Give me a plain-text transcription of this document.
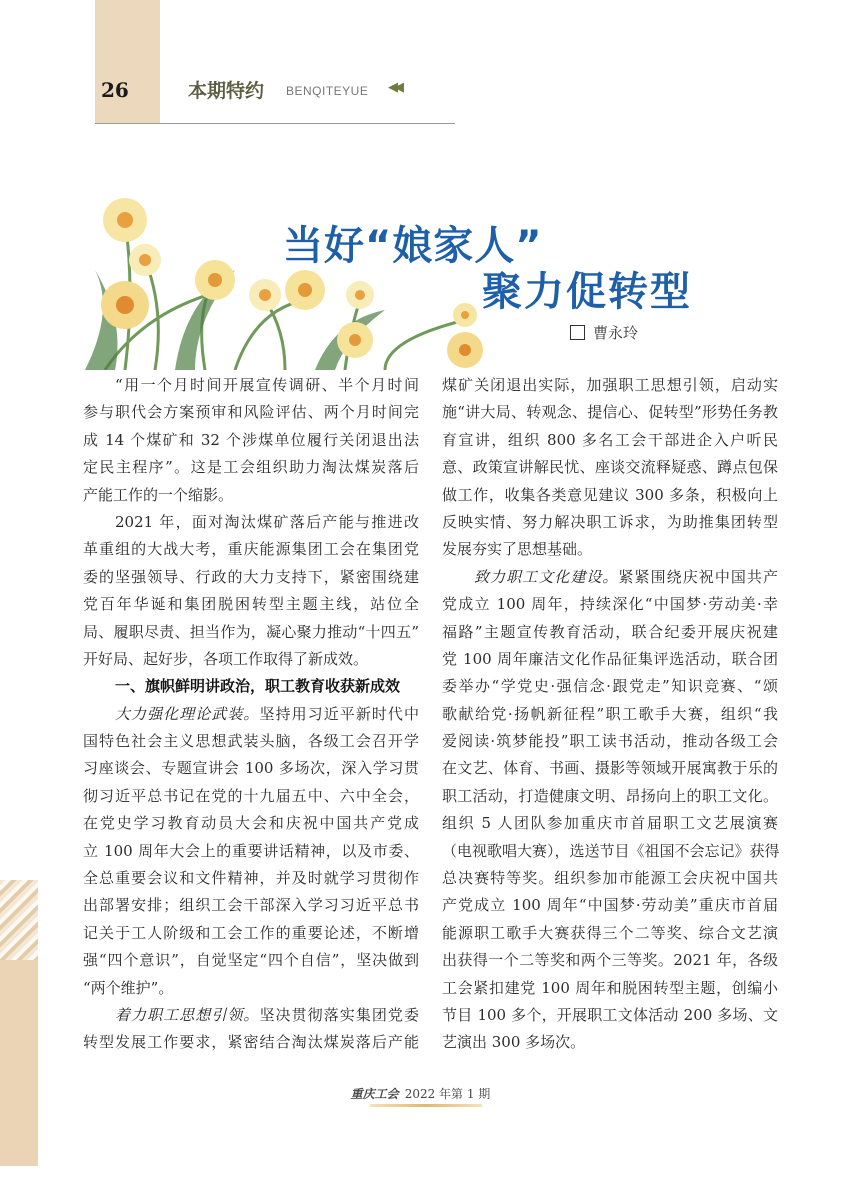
26	本期特约 BENQITEYUE ◀◀
当好“娘家人”
聚力促转型
曹永玲
“用一个月时间开展宣传调研、半个月时间
参与职代会方案预审和风险评估、两个月时间完
成 14 个煤矿和 32 个涉煤单位履行关闭退出法
定民主程序”。这是工会组织助力淘汰煤炭落后
产能工作的一个缩影。
2021 年，面对淘汰煤矿落后产能与推进改
革重组的大战大考，重庆能源集团工会在集团党
委的坚强领导、行政的大力支持下，紧密围绕建
党百年华诞和集团脱困转型主题主线，站位全
局、履职尽责、担当作为，凝心聚力推动“十四五”
开好局、起好步，各项工作取得了新成效。
一、旗帜鲜明讲政治，职工教育收获新成效
大力强化理论武装。坚持用习近平新时代中
国特色社会主义思想武装头脑，各级工会召开学
习座谈会、专题宣讲会 100 多场次，深入学习贯
彻习近平总书记在党的十九届五中、六中全会，
在党史学习教育动员大会和庆祝中国共产党成
立 100 周年大会上的重要讲话精神，以及市委、
全总重要会议和文件精神，并及时就学习贯彻作
出部署安排；组织工会干部深入学习习近平总书
记关于工人阶级和工会工作的重要论述，不断增
强“四个意识”，自觉坚定“四个自信”，坚决做到
“两个维护”。
着力职工思想引领。坚决贯彻落实集团党委
转型发展工作要求，紧密结合淘汰煤炭落后产能
煤矿关闭退出实际，加强职工思想引领，启动实
施“讲大局、转观念、提信心、促转型”形势任务教
育宣讲，组织 800 多名工会干部进企入户听民
意、政策宣讲解民忧、座谈交流释疑惑、蹲点包保
做工作，收集各类意见建议 300 多条，积极向上
反映实情、努力解决职工诉求，为助推集团转型
发展夯实了思想基础。
致力职工文化建设。紧紧围绕庆祝中国共产
党成立 100 周年，持续深化“中国梦·劳动美·幸
福路”主题宣传教育活动，联合纪委开展庆祝建
党 100 周年廉洁文化作品征集评选活动，联合团
委举办“学党史·强信念·跟党走”知识竞赛、“颂
歌献给党·扬帆新征程”职工歌手大赛，组织“我
爱阅读·筑梦能投”职工读书活动，推动各级工会
在文艺、体育、书画、摄影等领域开展寓教于乐的
职工活动，打造健康文明、昂扬向上的职工文化。
组织 5 人团队参加重庆市首届职工文艺展演赛
（电视歌唱大赛），选送节目《祖国不会忘记》获得
总决赛特等奖。组织参加市能源工会庆祝中国共
产党成立 100 周年“中国梦·劳动美”重庆市首届
能源职工歌手大赛获得三个二等奖、综合文艺演
出获得一个二等奖和两个三等奖。2021 年，各级
工会紧扣建党 100 周年和脱困转型主题，创编小
节目 100 多个，开展职工文体活动 200 多场、文
艺演出 300 多场次。
重庆工会 2022 年第 1 期
